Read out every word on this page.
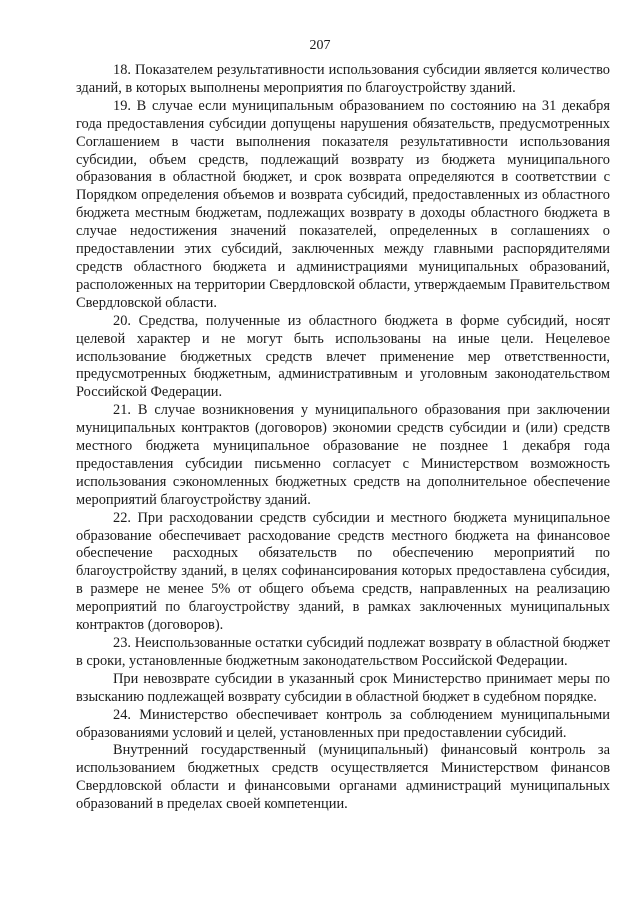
207

18. Показателем результативности использования субсидии является количество зданий, в которых выполнены мероприятия по благоустройству зданий.

19. В случае если муниципальным образованием по состоянию на 31 декабря года предоставления субсидии допущены нарушения обязательств, предусмотренных Соглашением в части выполнения показателя результативности использования субсидии, объем средств, подлежащий возврату из бюджета муниципального образования в областной бюджет, и срок возврата определяются в соответствии с Порядком определения объемов и возврата субсидий, предоставленных из областного бюджета местным бюджетам, подлежащих возврату в доходы областного бюджета в случае недостижения значений показателей, определенных в соглашениях о предоставлении этих субсидий, заключенных между главными распорядителями средств областного бюджета и администрациями муниципальных образований, расположенных на территории Свердловской области, утверждаемым Правительством Свердловской области.

20. Средства, полученные из областного бюджета в форме субсидий, носят целевой характер и не могут быть использованы на иные цели. Нецелевое использование бюджетных средств влечет применение мер ответственности, предусмотренных бюджетным, административным и уголовным законодательством Российской Федерации.

21. В случае возникновения у муниципального образования при заключении муниципальных контрактов (договоров) экономии средств субсидии и (или) средств местного бюджета муниципальное образование не позднее 1 декабря года предоставления субсидии письменно согласует с Министерством возможность использования сэкономленных бюджетных средств на дополнительное обеспечение мероприятий благоустройству зданий.

22. При расходовании средств субсидии и местного бюджета муниципальное образование обеспечивает расходование средств местного бюджета на финансовое обеспечение расходных обязательств по обеспечению мероприятий по благоустройству зданий, в целях софинансирования которых предоставлена субсидия, в размере не менее 5% от общего объема средств, направленных на реализацию мероприятий по благоустройству зданий, в рамках заключенных муниципальных контрактов (договоров).

23. Неиспользованные остатки субсидий подлежат возврату в областной бюджет в сроки, установленные бюджетным законодательством Российской Федерации.

При невозврате субсидии в указанный срок Министерство принимает меры по взысканию подлежащей возврату субсидии в областной бюджет в судебном порядке.

24. Министерство обеспечивает контроль за соблюдением муниципальными образованиями условий и целей, установленных при предоставлении субсидий.

Внутренний государственный (муниципальный) финансовый контроль за использованием бюджетных средств осуществляется Министерством финансов Свердловской области и финансовыми органами администраций муниципальных образований в пределах своей компетенции.
